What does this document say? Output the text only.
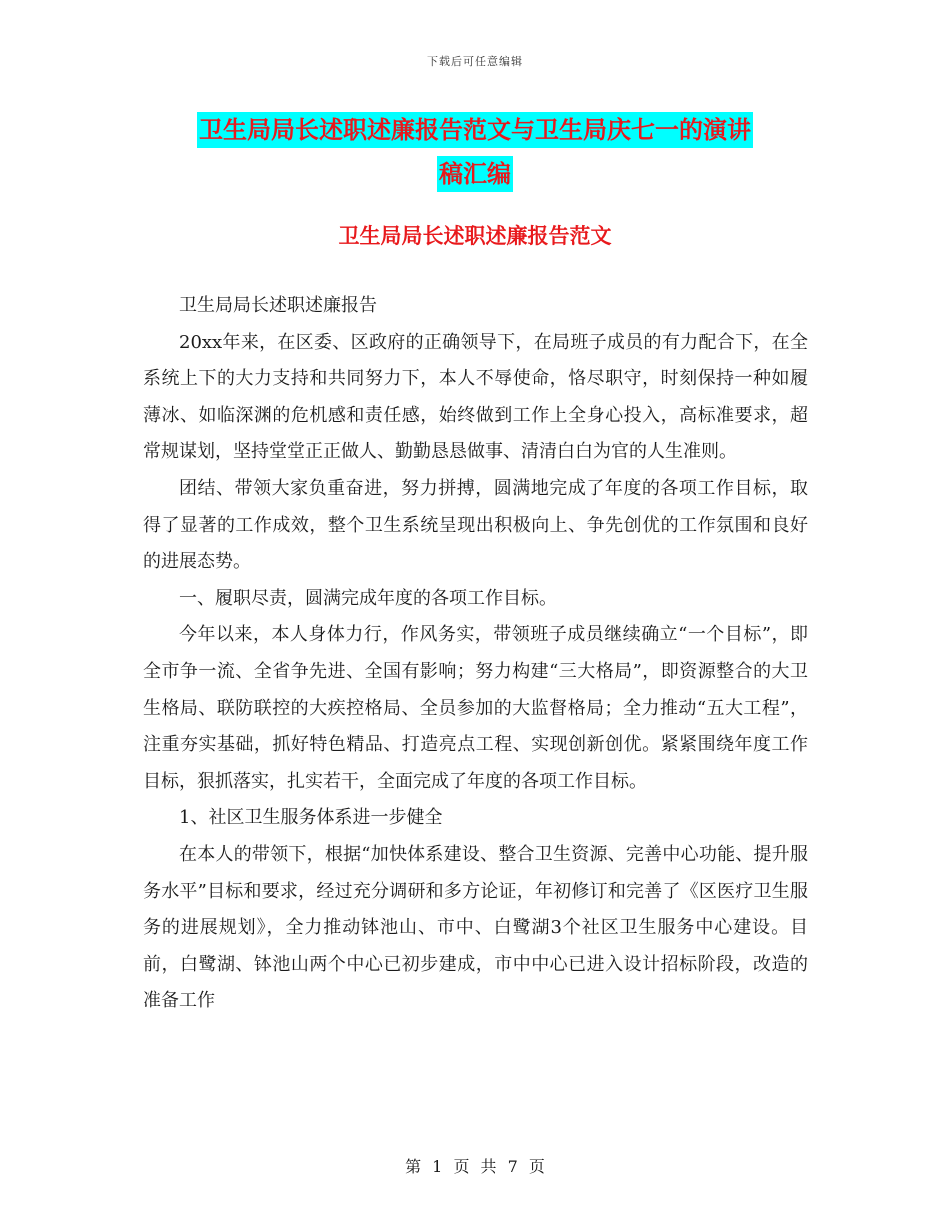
下载后可任意编辑
卫生局局长述职述廉报告范文与卫生局庆七一的演讲
稿汇编
卫生局局长述职述廉报告范文

卫生局局长述职述廉报告

20xx年来，在区委、区政府的正确领导下，在局班子成员的有力配合下，在全系统上下的大力支持和共同努力下，本人不辱使命，恪尽职守，时刻保持一种如履薄冰、如临深渊的危机感和责任感，始终做到工作上全身心投入，高标准要求，超常规谋划，坚持堂堂正正做人、勤勤恳恳做事、清清白白为官的人生准则。

团结、带领大家负重奋进，努力拼搏，圆满地完成了年度的各项工作目标，取得了显著的工作成效，整个卫生系统呈现出积极向上、争先创优的工作氛围和良好的进展态势。

一、履职尽责，圆满完成年度的各项工作目标。

今年以来，本人身体力行，作风务实，带领班子成员继续确立“一个目标”，即全市争一流、全省争先进、全国有影响；努力构建“三大格局”，即资源整合的大卫生格局、联防联控的大疾控格局、全员参加的大监督格局；全力推动“五大工程”，注重夯实基础，抓好特色精品、打造亮点工程、实现创新创优。紧紧围绕年度工作目标，狠抓落实，扎实若干，全面完成了年度的各项工作目标。

1、社区卫生服务体系进一步健全

在本人的带领下，根据“加快体系建设、整合卫生资源、完善中心功能、提升服务水平”目标和要求，经过充分调研和多方论证，年初修订和完善了《区医疗卫生服务的进展规划》，全力推动钵池山、市中、白鹭湖3个社区卫生服务中心建设。目前，白鹭湖、钵池山两个中心已初步建成，市中中心已进入设计招标阶段，改造的准备工作

第 1 页 共 7 页
